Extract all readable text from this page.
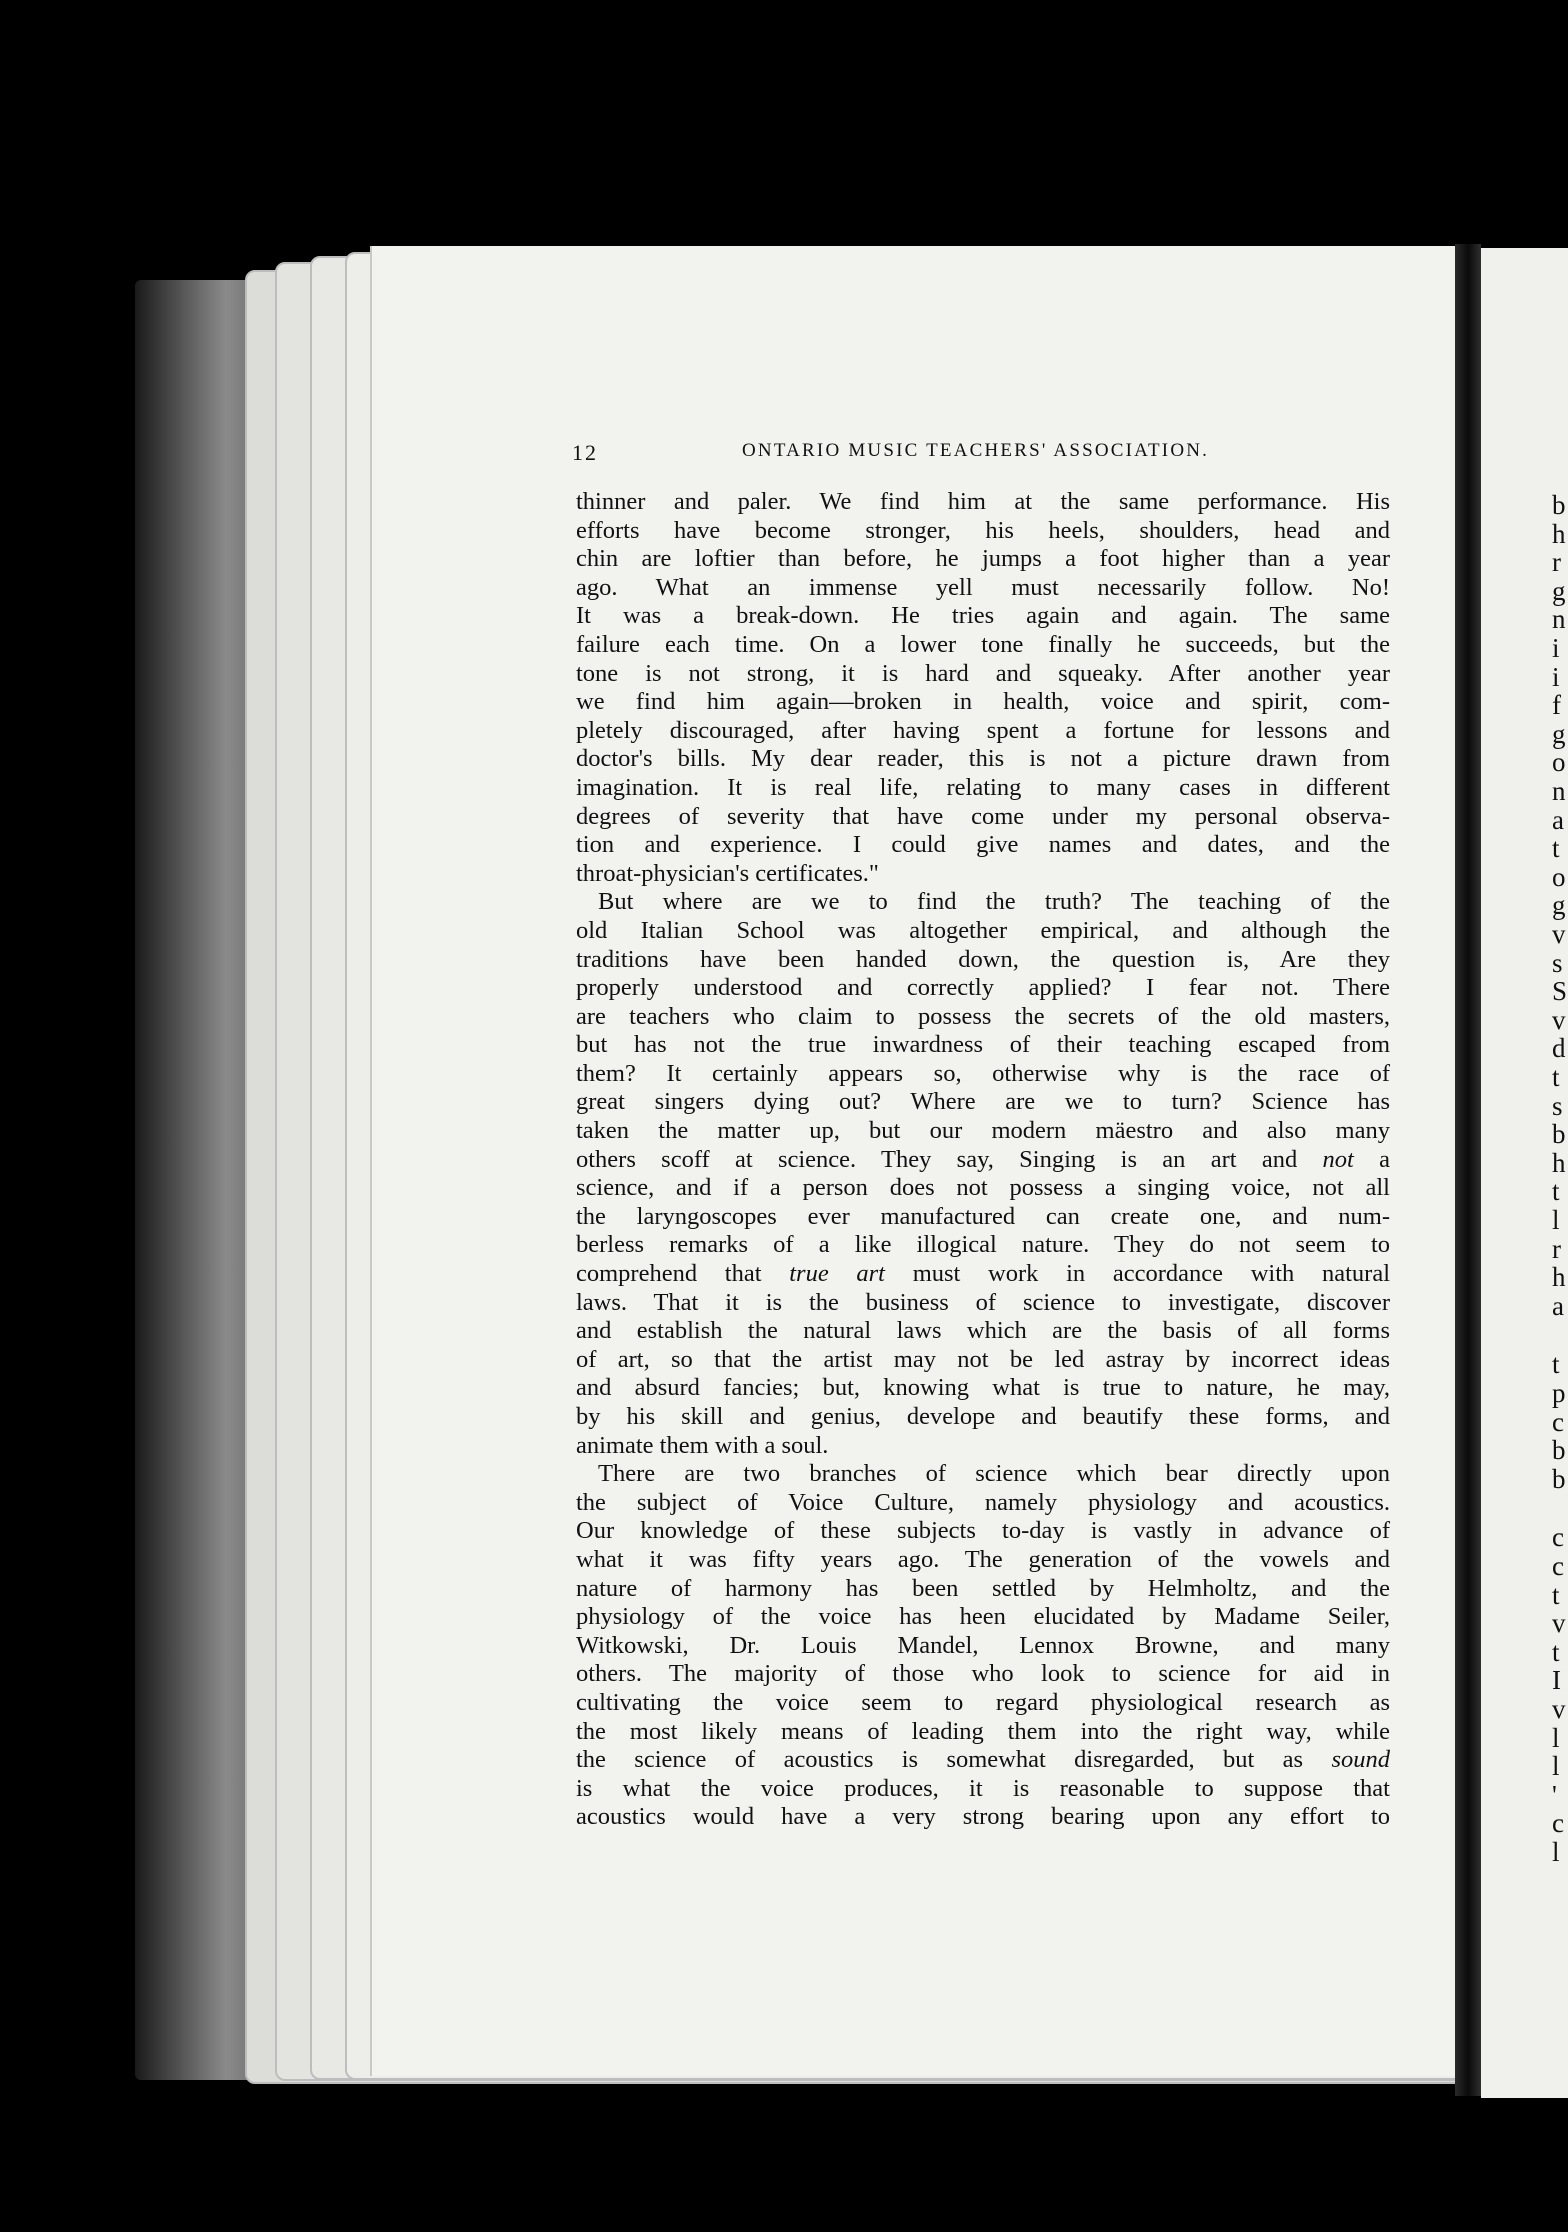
12	ONTARIO MUSIC TEACHERS' ASSOCIATION.
thinner and paler. We find him at the same performance. His
efforts have become stronger, his heels, shoulders, head and
chin are loftier than before, he jumps a foot higher than a year
ago. What an immense yell must necessarily follow. No!
It was a break-down. He tries again and again. The same
failure each time. On a lower tone finally he succeeds, but the
tone is not strong, it is hard and squeaky. After another year
we find him again—broken in health, voice and spirit, com-
pletely discouraged, after having spent a fortune for lessons and
doctor's bills. My dear reader, this is not a picture drawn from
imagination. It is real life, relating to many cases in different
degrees of severity that have come under my personal observa-
tion and experience. I could give names and dates, and the
throat-physician's certificates."
But where are we to find the truth? The teaching of the
old Italian School was altogether empirical, and although the
traditions have been handed down, the question is, Are they
properly understood and correctly applied? I fear not. There
are teachers who claim to possess the secrets of the old masters,
but has not the true inwardness of their teaching escaped from
them? It certainly appears so, otherwise why is the race of
great singers dying out? Where are we to turn? Science has
taken the matter up, but our modern mäestro and also many
others scoff at science. They say, Singing is an art and not a
science, and if a person does not possess a singing voice, not all
the laryngoscopes ever manufactured can create one, and num-
berless remarks of a like illogical nature. They do not seem to
comprehend that true art must work in accordance with natural
laws. That it is the business of science to investigate, discover
and establish the natural laws which are the basis of all forms
of art, so that the artist may not be led astray by incorrect ideas
and absurd fancies; but, knowing what is true to nature, he may,
by his skill and genius, develope and beautify these forms, and
animate them with a soul.
There are two branches of science which bear directly upon
the subject of Voice Culture, namely physiology and acoustics.
Our knowledge of these subjects to-day is vastly in advance of
what it was fifty years ago. The generation of the vowels and
nature of harmony has been settled by Helmholtz, and the
physiology of the voice has heen elucidated by Madame Seiler,
Witkowski, Dr. Louis Mandel, Lennox Browne, and many
others. The majority of those who look to science for aid in
cultivating the voice seem to regard physiological research as
the most likely means of leading them into the right way, while
the science of acoustics is somewhat disregarded, but as sound
is what the voice produces, it is reasonable to suppose that
acoustics would have a very strong bearing upon any effort to
b
h
r
g
n
i
i
f
g
o
n
a
t
o
g
v
s
S
v
d
t
s
b
h
t
l
r
h
a
t
p
c
b
b
c
c
t
v
t
I
v
l
l
'
c
l
